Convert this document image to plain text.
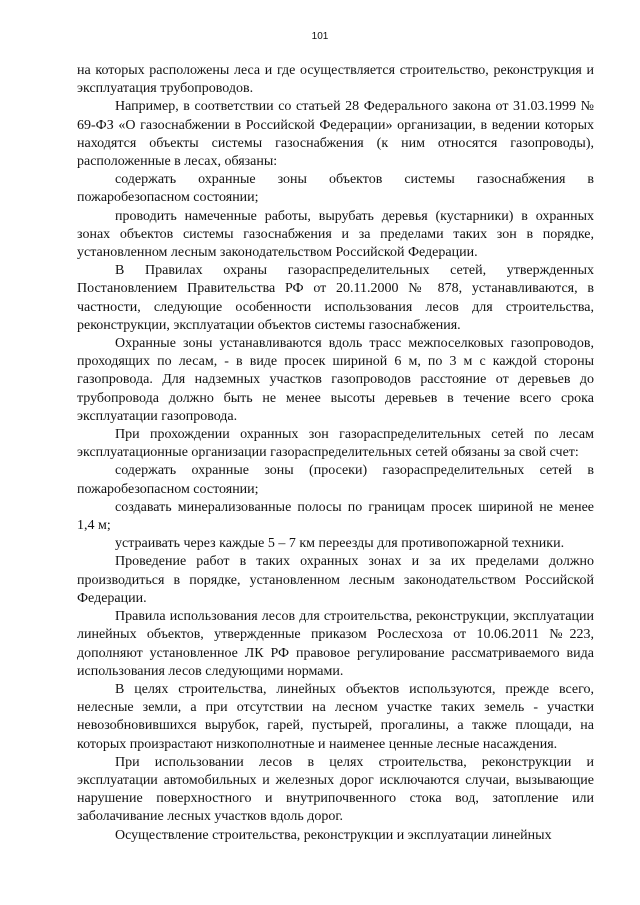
101

на которых расположены леса и где осуществляется строительство, реконструкция и эксплуатация трубопроводов.

Например, в соответствии со статьей 28 Федерального закона от 31.03.1999 № 69-ФЗ «О газоснабжении в Российской Федерации» организации, в ведении которых находятся объекты системы газоснабжения (к ним относятся газопроводы), расположенные в лесах, обязаны:

содержать охранные зоны объектов системы газоснабжения в пожаробезопасном состоянии;

проводить намеченные работы, вырубать деревья (кустарники) в охранных зонах объектов системы газоснабжения и за пределами таких зон в порядке, установленном лесным законодательством Российской Федерации.

В Правилах охраны газораспределительных сетей, утвержденных Постановлением Правительства РФ от 20.11.2000 № 878, устанавливаются, в частности, следующие особенности использования лесов для строительства, реконструкции, эксплуатации объектов системы газоснабжения.

Охранные зоны устанавливаются вдоль трасс межпоселковых газопроводов, проходящих по лесам, - в виде просек шириной 6 м, по 3 м с каждой стороны газопровода. Для надземных участков газопроводов расстояние от деревьев до трубопровода должно быть не менее высоты деревьев в течение всего срока эксплуатации газопровода.

При прохождении охранных зон газораспределительных сетей по лесам эксплуатационные организации газораспределительных сетей обязаны за свой счет:

содержать охранные зоны (просеки) газораспределительных сетей в пожаробезопасном состоянии;

создавать минерализованные полосы по границам просек шириной не менее 1,4 м;

устраивать через каждые 5 – 7 км переезды для противопожарной техники.

Проведение работ в таких охранных зонах и за их пределами должно производиться в порядке, установленном лесным законодательством Российской Федерации.

Правила использования лесов для строительства, реконструкции, эксплуатации линейных объектов, утвержденные приказом Рослесхоза от 10.06.2011 №223, дополняют установленное ЛК РФ правовое регулирование рассматриваемого вида использования лесов следующими нормами.

В целях строительства, линейных объектов используются, прежде всего, нелесные земли, а при отсутствии на лесном участке таких земель - участки невозобновившихся вырубок, гарей, пустырей, прогалины, а также площади, на которых произрастают низкополнотные и наименее ценные лесные насаждения.

При использовании лесов в целях строительства, реконструкции и эксплуатации автомобильных и железных дорог исключаются случаи, вызывающие нарушение поверхностного и внутрипочвенного стока вод, затопление или заболачивание лесных участков вдоль дорог.

Осуществление строительства, реконструкции и эксплуатации линейных
